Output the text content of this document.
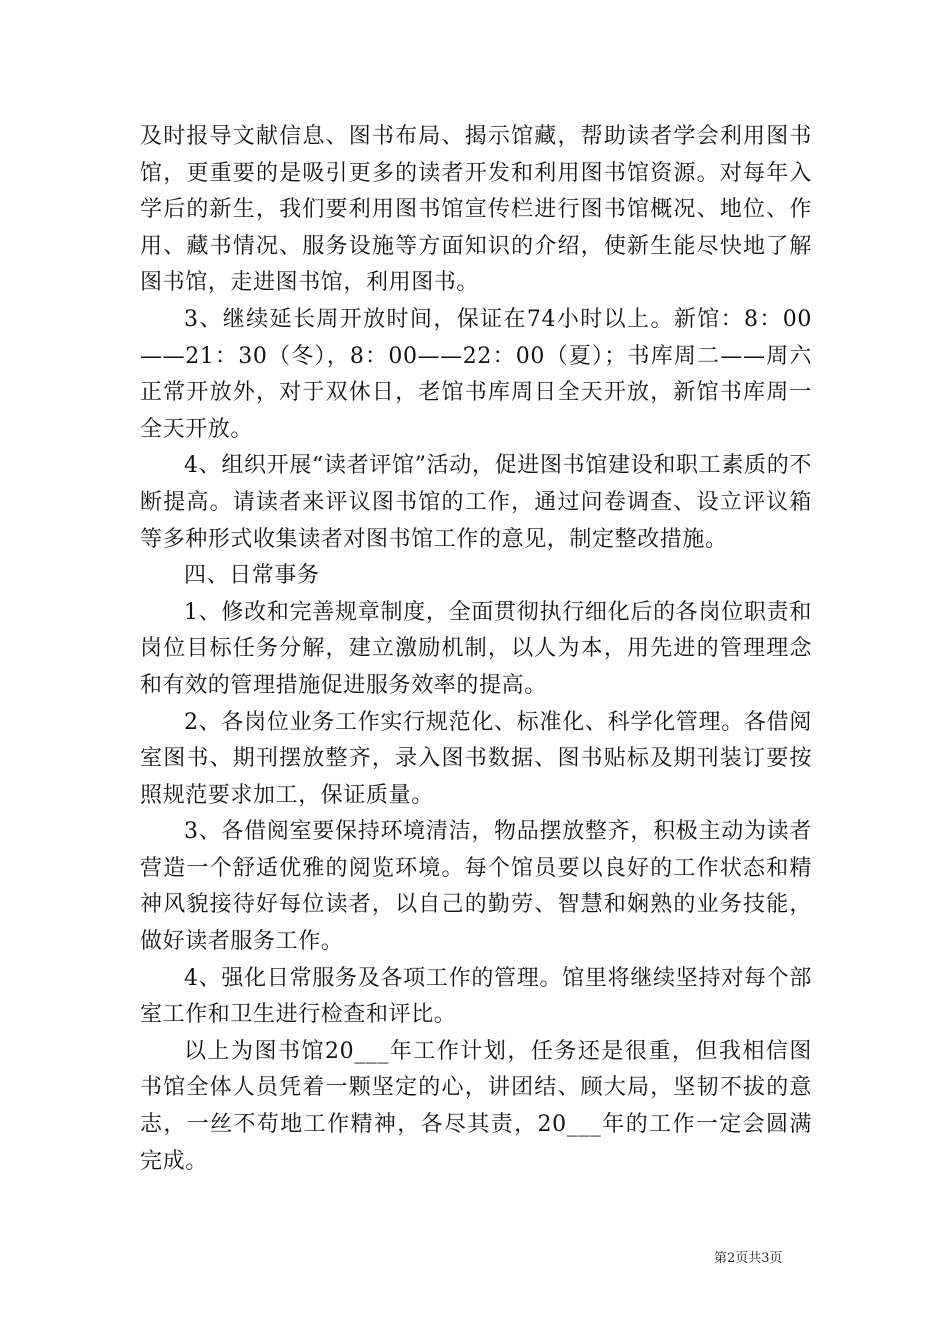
及时报导文献信息、图书布局、揭示馆藏，帮助读者学会利用图书馆，更重要的是吸引更多的读者开发和利用图书馆资源。对每年入学后的新生，我们要利用图书馆宣传栏进行图书馆概况、地位、作用、藏书情况、服务设施等方面知识的介绍，使新生能尽快地了解图书馆，走进图书馆，利用图书。

3、继续延长周开放时间，保证在74小时以上。新馆：8：00——21：30（冬），8：00——22：00（夏）；书库周二——周六正常开放外，对于双休日，老馆书库周日全天开放，新馆书库周一全天开放。

4、组织开展“读者评馆”活动，促进图书馆建设和职工素质的不断提高。请读者来评议图书馆的工作，通过问卷调查、设立评议箱等多种形式收集读者对图书馆工作的意见，制定整改措施。

四、日常事务

1、修改和完善规章制度，全面贯彻执行细化后的各岗位职责和岗位目标任务分解，建立激励机制，以人为本，用先进的管理理念和有效的管理措施促进服务效率的提高。

2、各岗位业务工作实行规范化、标准化、科学化管理。各借阅室图书、期刊摆放整齐，录入图书数据、图书贴标及期刊装订要按照规范要求加工，保证质量。

3、各借阅室要保持环境清洁，物品摆放整齐，积极主动为读者营造一个舒适优雅的阅览环境。每个馆员要以良好的工作状态和精神风貌接待好每位读者，以自己的勤劳、智慧和娴熟的业务技能，做好读者服务工作。

4、强化日常服务及各项工作的管理。馆里将继续坚持对每个部室工作和卫生进行检查和评比。

以上为图书馆20___年工作计划，任务还是很重，但我相信图书馆全体人员凭着一颗坚定的心，讲团结、顾大局，坚韧不拔的意志，一丝不苟地工作精神，各尽其责，20___年的工作一定会圆满完成。

第2页共3页
